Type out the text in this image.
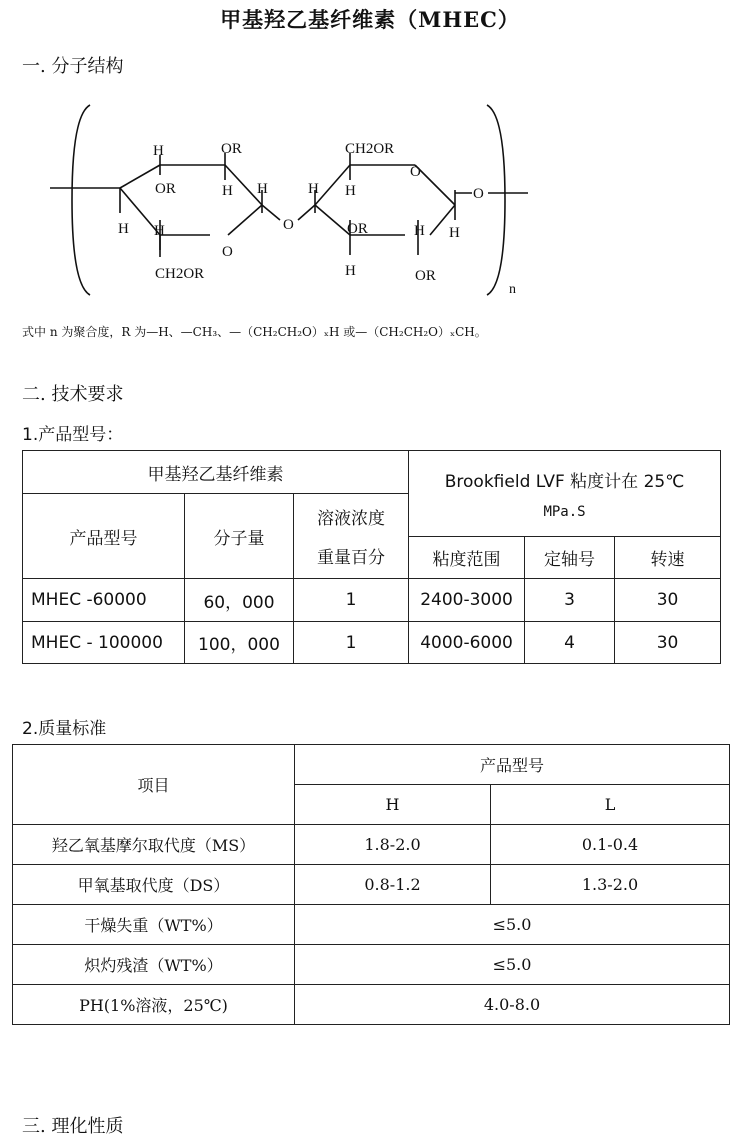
甲基羟乙基纤维素（MHEC）
一. 分子结构
H	OR
OR	H H
H H
CH2OR
O
O
CH2OR
H
H
OR
O
H
H
OR
H
O
n
式中 n 为聚合度，R 为—H、—CH₃、—（CH₂CH₂O）ₓH 或—（CH₂CH₂O）ₓCH。
二. 技术要求
1.产品型号：
甲基羟乙基纤维素			Brookfield LVF 粘度计在 25℃
MPa.S		

产品型号	分子量	溶液浓度
重量百分			

			粘度范围	定轴号	转速
MHEC -60000	60，000	1	2400-3000	3	30
MHEC - 100000	100，000	1	4000-6000	4	30
2.质量标准
项目	产品型号	
	H	L
羟乙氧基摩尔取代度（MS）	1.8-2.0	0.1-0.4
甲氧基取代度（DS）	0.8-1.2	1.3-2.0
干燥失重（WT%）	≤5.0	
炽灼残渣（WT%）	≤5.0	
PH(1%溶液，25℃)	4.0-8.0	
三. 理化性质
